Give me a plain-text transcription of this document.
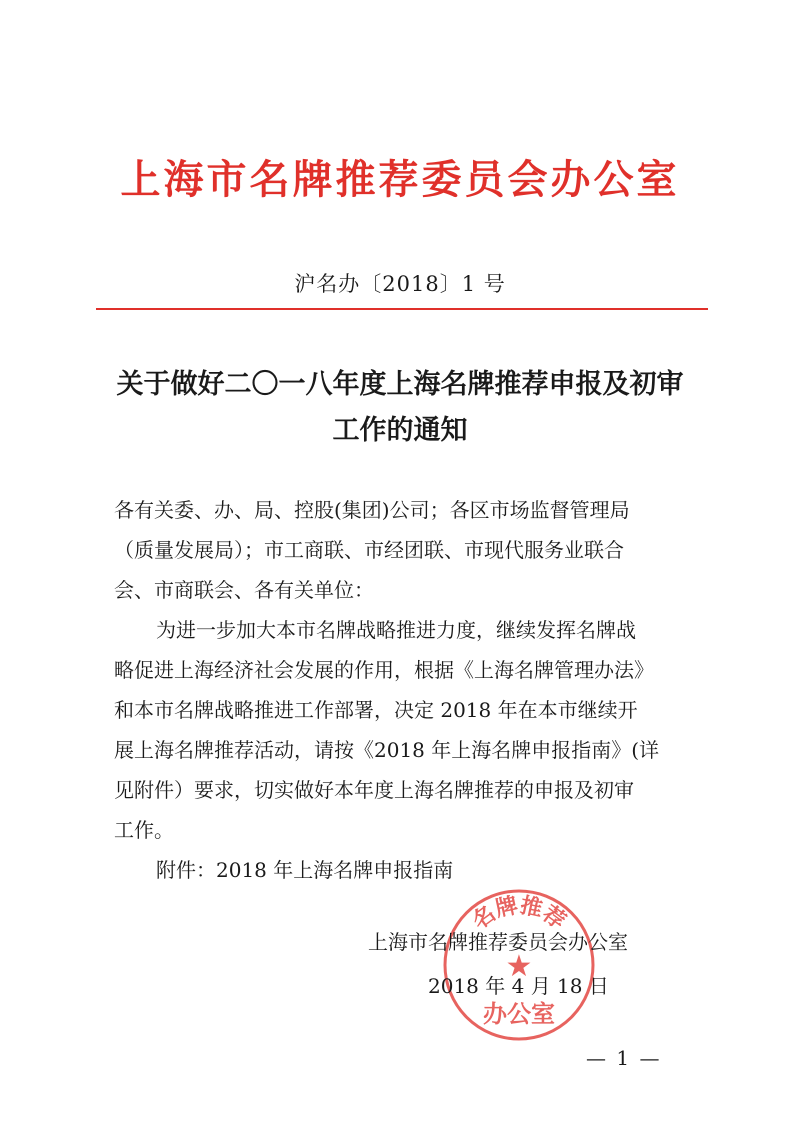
上海市名牌推荐委员会办公室
沪名办〔2018〕1 号
关于做好二〇一八年度上海名牌推荐申报及初审
工作的通知
各有关委、办、局、控股(集团)公司；各区市场监督管理局
（质量发展局）；市工商联、市经团联、市现代服务业联合
会、市商联会、各有关单位：
为进一步加大本市名牌战略推进力度，继续发挥名牌战
略促进上海经济社会发展的作用，根据《上海名牌管理办法》
和本市名牌战略推进工作部署，决定 2018 年在本市继续开
展上海名牌推荐活动，请按《2018 年上海名牌申报指南》(详
见附件）要求，切实做好本年度上海名牌推荐的申报及初审
工作。
附件：2018 年上海名牌申报指南
★
名牌推荐
办公室
上海市名牌推荐委员会办公室
2018 年 4 月 18 日
— 1 —
